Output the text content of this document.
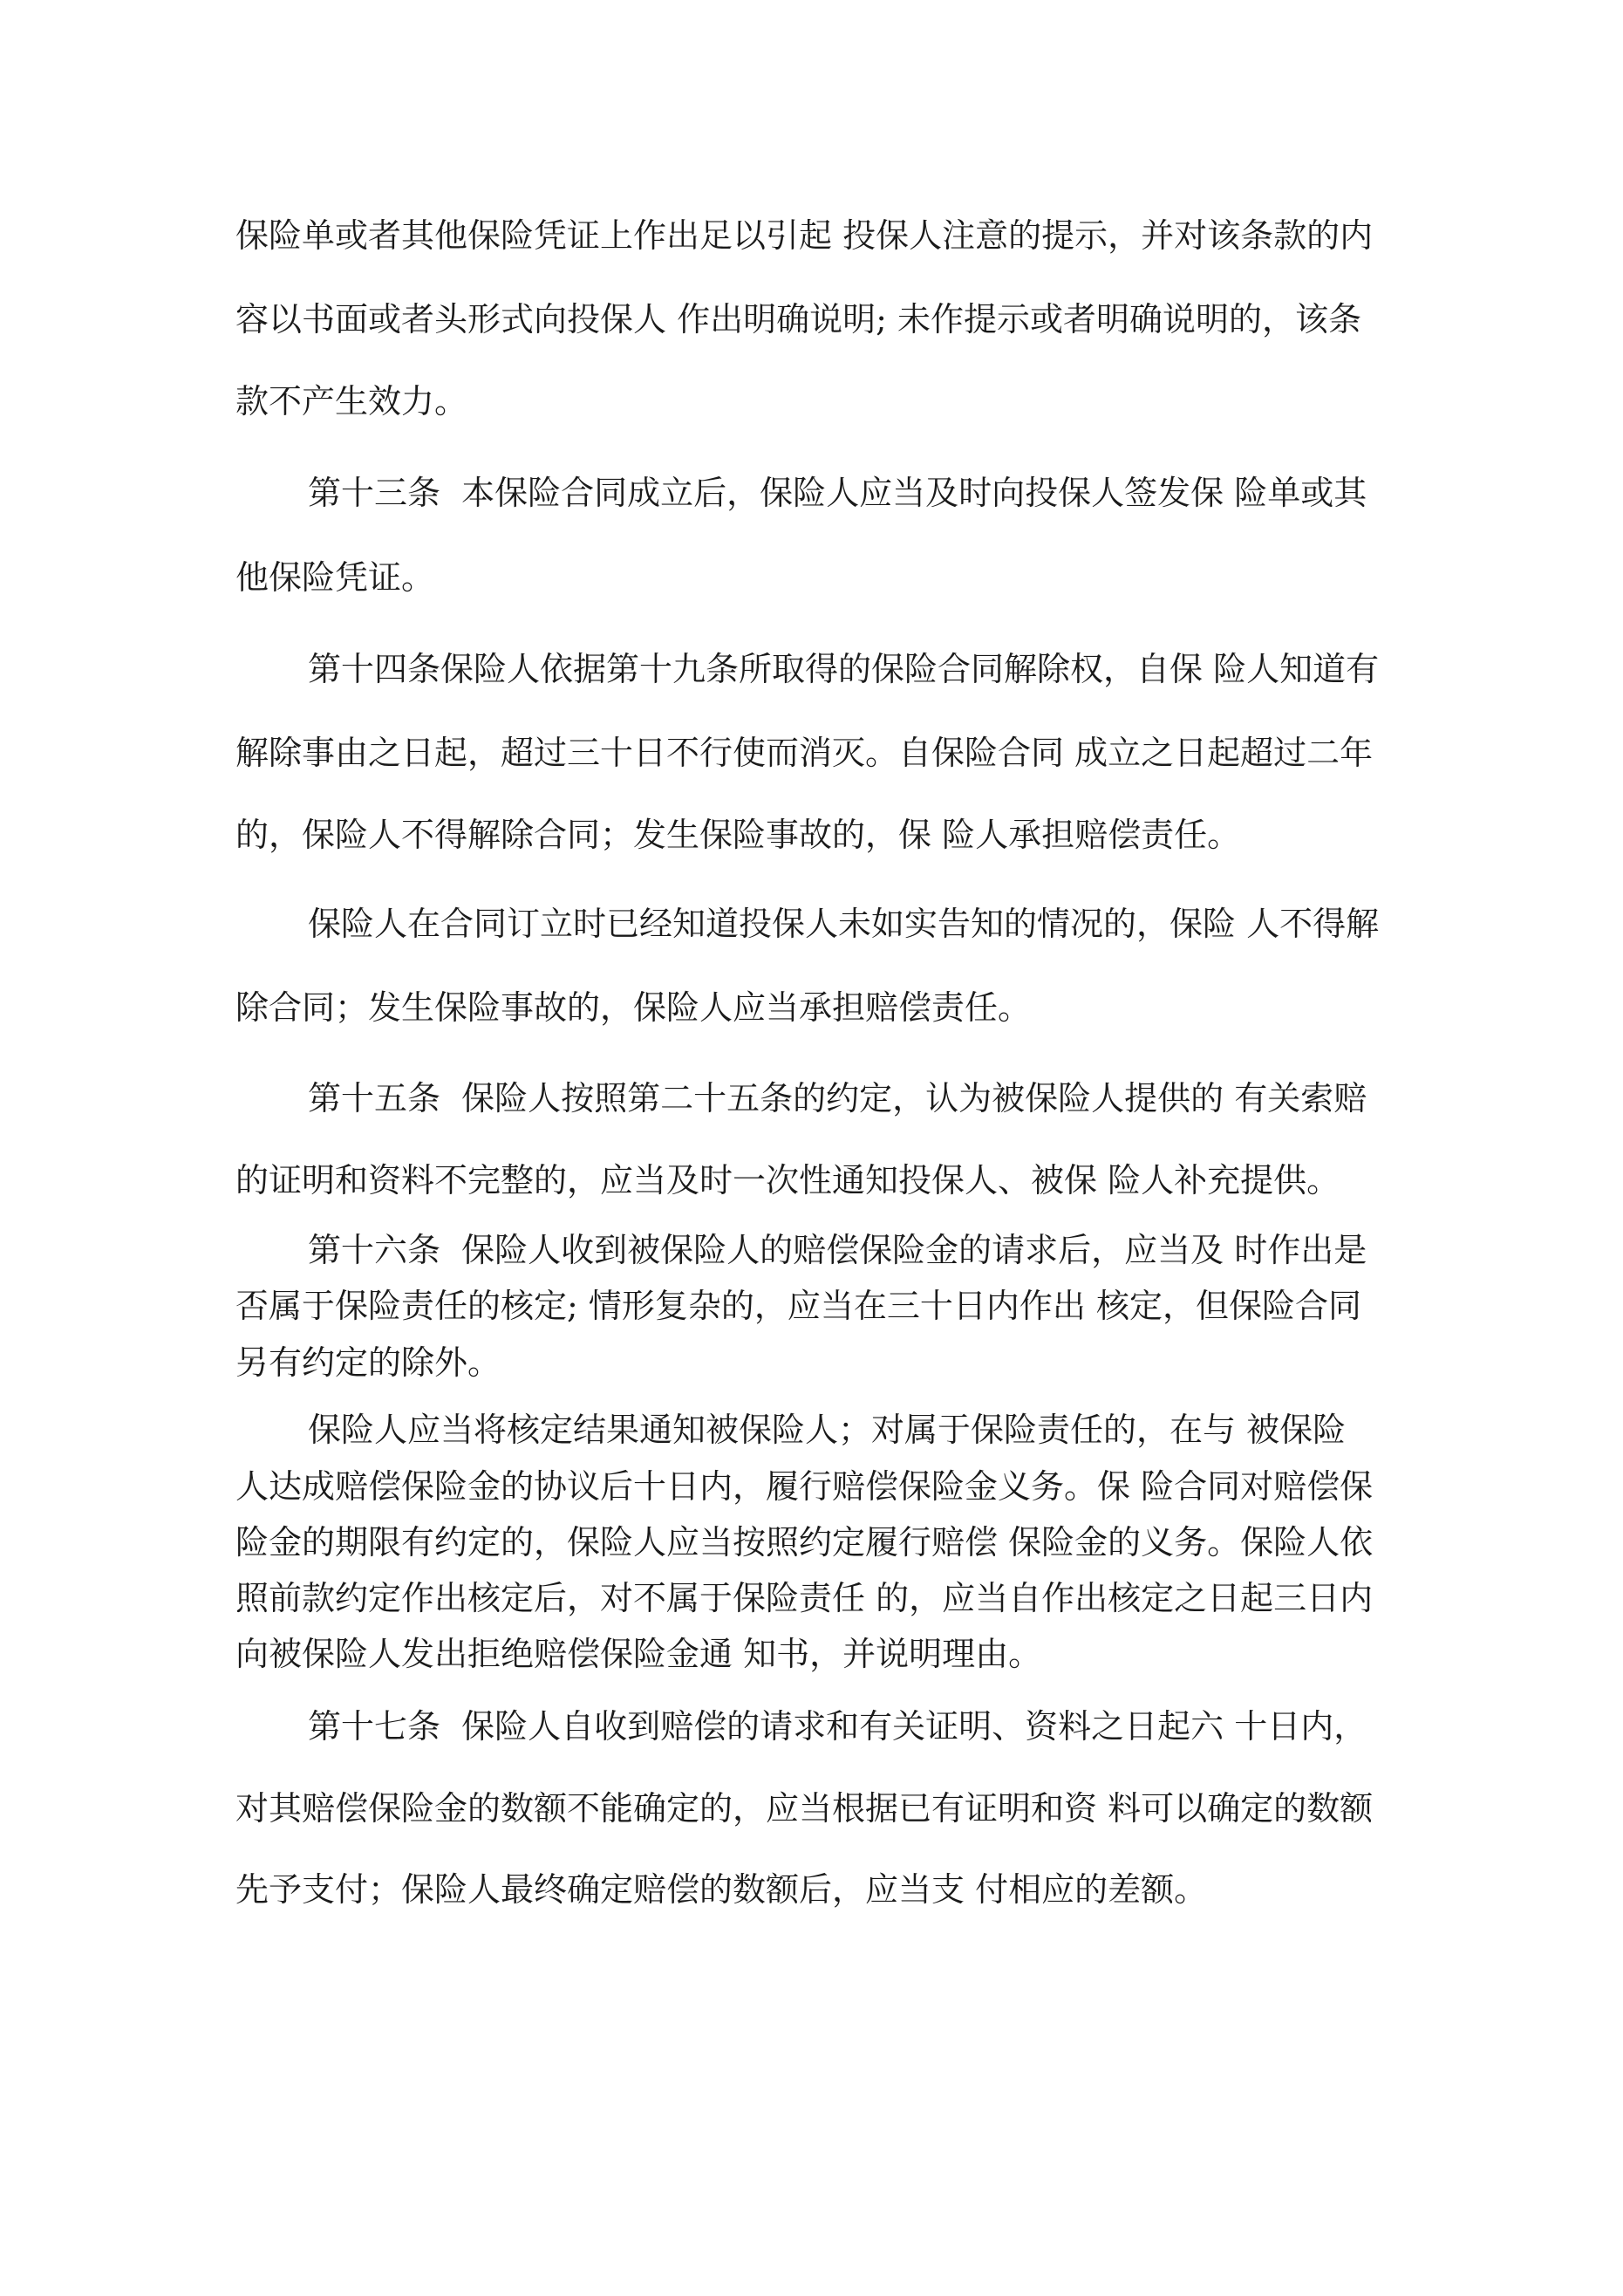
保险单或者其他保险凭证上作出足以引起 投保人注意的提示，并对该条款的内

容以书面或者头形式向投保人 作出明确说明; 未作提示或者明确说明的，该条

款不产生效力。

第十三条  本保险合同成立后，保险人应当及时向投保人签发保 险单或其

他保险凭证。

第十四条保险人依据第十九条所取得的保险合同解除权，自保 险人知道有

解除事由之日起，超过三十日不行使而消灭。自保险合同 成立之日起超过二年

的，保险人不得解除合同；发生保险事故的，保 险人承担赔偿责任。

保险人在合同订立时已经知道投保人未如实告知的情况的，保险 人不得解

除合同；发生保险事故的，保险人应当承担赔偿责任。

第十五条  保险人按照第二十五条的约定，认为被保险人提供的 有关索赔

的证明和资料不完整的，应当及时一次性通知投保人、被保 险人补充提供。

第十六条  保险人收到被保险人的赔偿保险金的请求后，应当及 时作出是

否属于保险责任的核定; 情形复杂的，应当在三十日内作出 核定，但保险合同

另有约定的除外。

保险人应当将核定结果通知被保险人；对属于保险责任的，在与 被保险

人达成赔偿保险金的协议后十日内，履行赔偿保险金义务。保 险合同对赔偿保

险金的期限有约定的，保险人应当按照约定履行赔偿 保险金的义务。保险人依

照前款约定作出核定后，对不属于保险责任 的，应当自作出核定之日起三日内

向被保险人发出拒绝赔偿保险金通 知书，并说明理由。

第十七条  保险人自收到赔偿的请求和有关证明、资料之日起六 十日内，

对其赔偿保险金的数额不能确定的，应当根据已有证明和资 料可以确定的数额

先予支付；保险人最终确定赔偿的数额后，应当支 付相应的差额。
